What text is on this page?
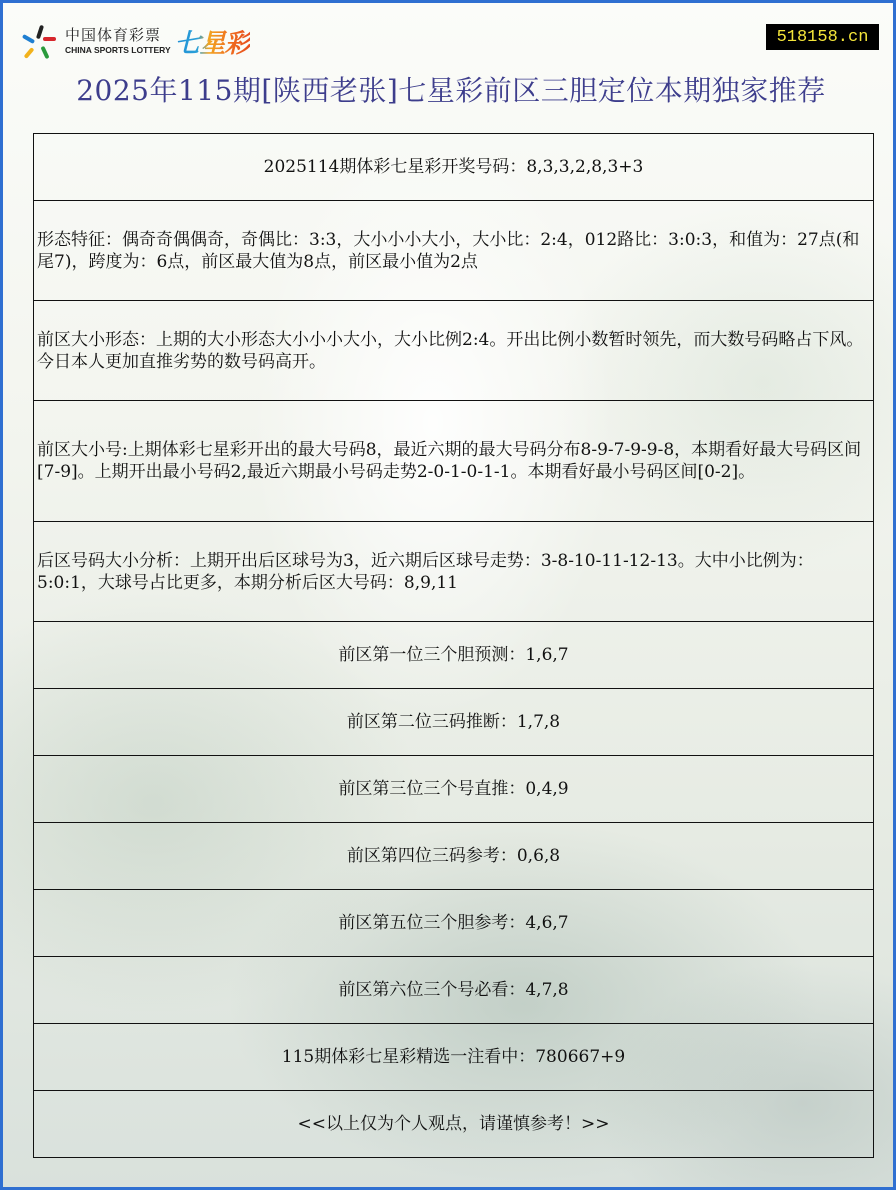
中国体育彩票
CHINA SPORTS LOTTERY 七星彩	518158.cn
2025年115期[陕西老张]七星彩前区三胆定位本期独家推荐
2025114期体彩七星彩开奖号码：8,3,3,2,8,3+3
形态特征：偶奇奇偶偶奇，奇偶比：3:3，大小小小大小，大小比：2:4，012路比：3:0:3，和值为：27点(和尾7)，跨度为：6点，前区最大值为8点，前区最小值为2点
前区大小形态：上期的大小形态大小小小大小，大小比例2:4。开出比例小数暂时领先，而大数号码略占下风。今日本人更加直推劣势的数号码高开。
前区大小号:上期体彩七星彩开出的最大号码8，最近六期的最大号码分布8-9-7-9-9-8，本期看好最大号码区间[7-9]。上期开出最小号码2,最近六期最小号码走势2-0-1-0-1-1。本期看好最小号码区间[0-2]。
后区号码大小分析：上期开出后区球号为3，近六期后区球号走势：3-8-10-11-12-13。大中小比例为：5:0:1，大球号占比更多，本期分析后区大号码：8,9,11
前区第一位三个胆预测：1,6,7
前区第二位三码推断：1,7,8
前区第三位三个号直推：0,4,9
前区第四位三码参考：0,6,8
前区第五位三个胆参考：4,6,7
前区第六位三个号必看：4,7,8
115期体彩七星彩精选一注看中：780667+9
<<以上仅为个人观点，请谨慎参考！>>
